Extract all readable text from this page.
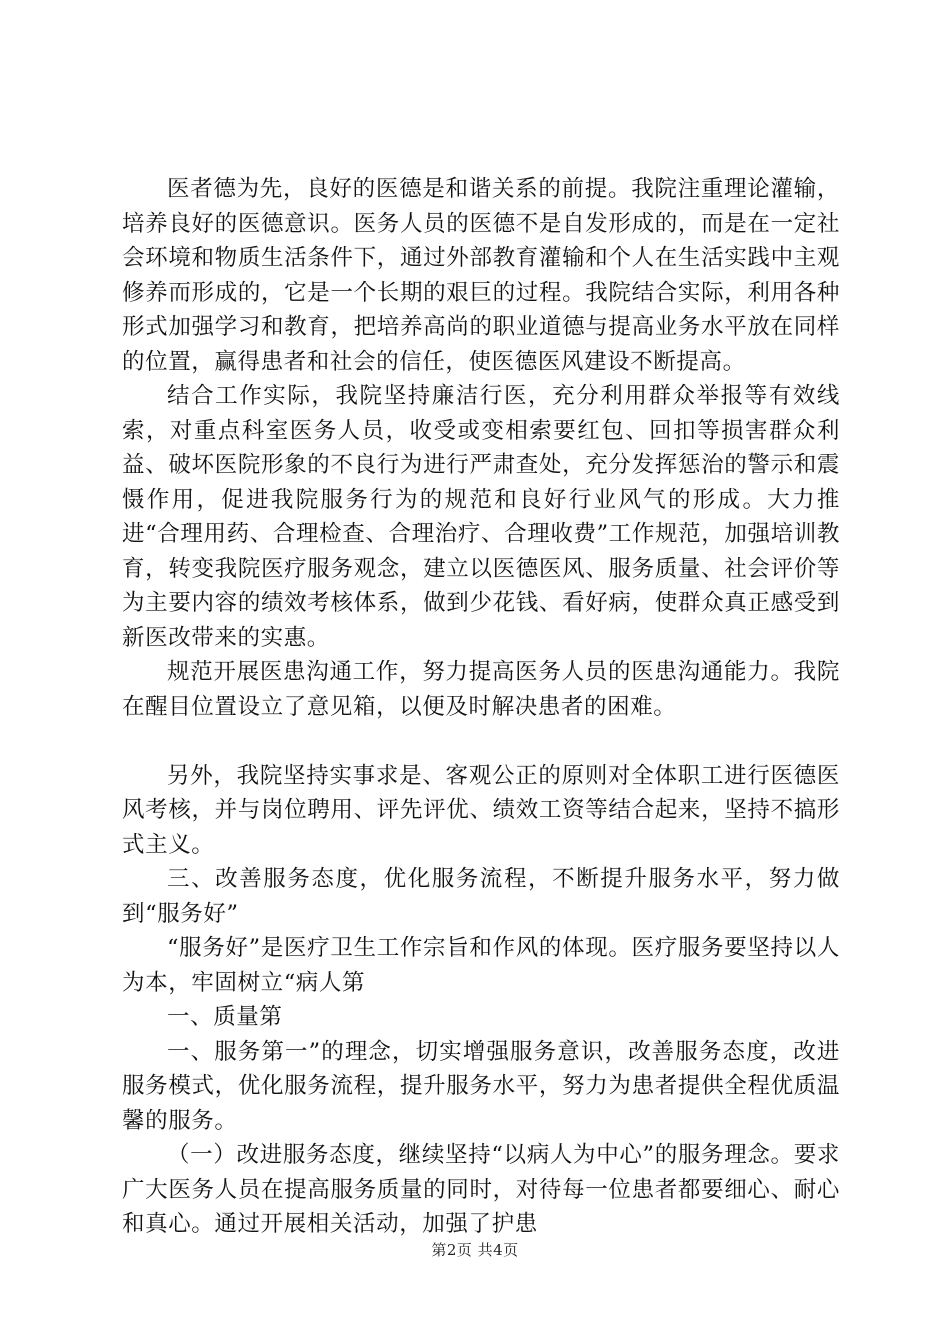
医者德为先，良好的医德是和谐关系的前提。我院注重理论灌输，培养良好的医德意识。医务人员的医德不是自发形成的，而是在一定社会环境和物质生活条件下，通过外部教育灌输和个人在生活实践中主观修养而形成的，它是一个长期的艰巨的过程。我院结合实际，利用各种形式加强学习和教育，把培养高尚的职业道德与提高业务水平放在同样的位置，赢得患者和社会的信任，使医德医风建设不断提高。

结合工作实际，我院坚持廉洁行医，充分利用群众举报等有效线索，对重点科室医务人员，收受或变相索要红包、回扣等损害群众利益、破坏医院形象的不良行为进行严肃查处，充分发挥惩治的警示和震慑作用，促进我院服务行为的规范和良好行业风气的形成。大力推进“合理用药、合理检查、合理治疗、合理收费”工作规范，加强培训教育，转变我院医疗服务观念，建立以医德医风、服务质量、社会评价等为主要内容的绩效考核体系，做到少花钱、看好病，使群众真正感受到新医改带来的实惠。

规范开展医患沟通工作，努力提高医务人员的医患沟通能力。我院在醒目位置设立了意见箱，以便及时解决患者的困难。

另外，我院坚持实事求是、客观公正的原则对全体职工进行医德医风考核，并与岗位聘用、评先评优、绩效工资等结合起来，坚持不搞形式主义。

三、改善服务态度，优化服务流程，不断提升服务水平，努力做到“服务好”

“服务好”是医疗卫生工作宗旨和作风的体现。医疗服务要坚持以人为本，牢固树立“病人第

一、质量第

一、服务第一”的理念，切实增强服务意识，改善服务态度，改进服务模式，优化服务流程，提升服务水平，努力为患者提供全程优质温馨的服务。

（一）改进服务态度，继续坚持“以病人为中心”的服务理念。要求广大医务人员在提高服务质量的同时，对待每一位患者都要细心、耐心和真心。通过开展相关活动，加强了护患

第2页 共4页
